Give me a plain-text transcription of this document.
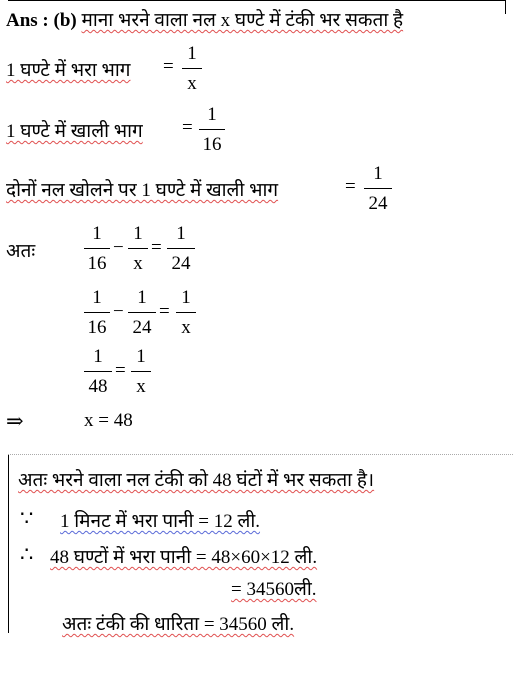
Ans : (b) माना भरने वाला नल x घण्टे में टंकी भर सकता है
1 घण्टे में भरा भाग =
1
x
1 घण्टे में खाली भाग =
1
16
दोनों नल खोलने पर 1 घण्टे में खाली भाग	=
1
24
अतः
1
16
−
1
x
=
1
24
1
16
−
1
24
=
1
x
1
48
=
1
x
⇒	x = 48
अतः भरने वाला नल टंकी को 48 घंटों में भर सकता है।
∵ 1 मिनट में भरा पानी = 12 ली.
∴ 48 घण्टों में भरा पानी = 48×60×12 ली.
= 34560ली.
अतः टंकी की धारिता = 34560 ली.
